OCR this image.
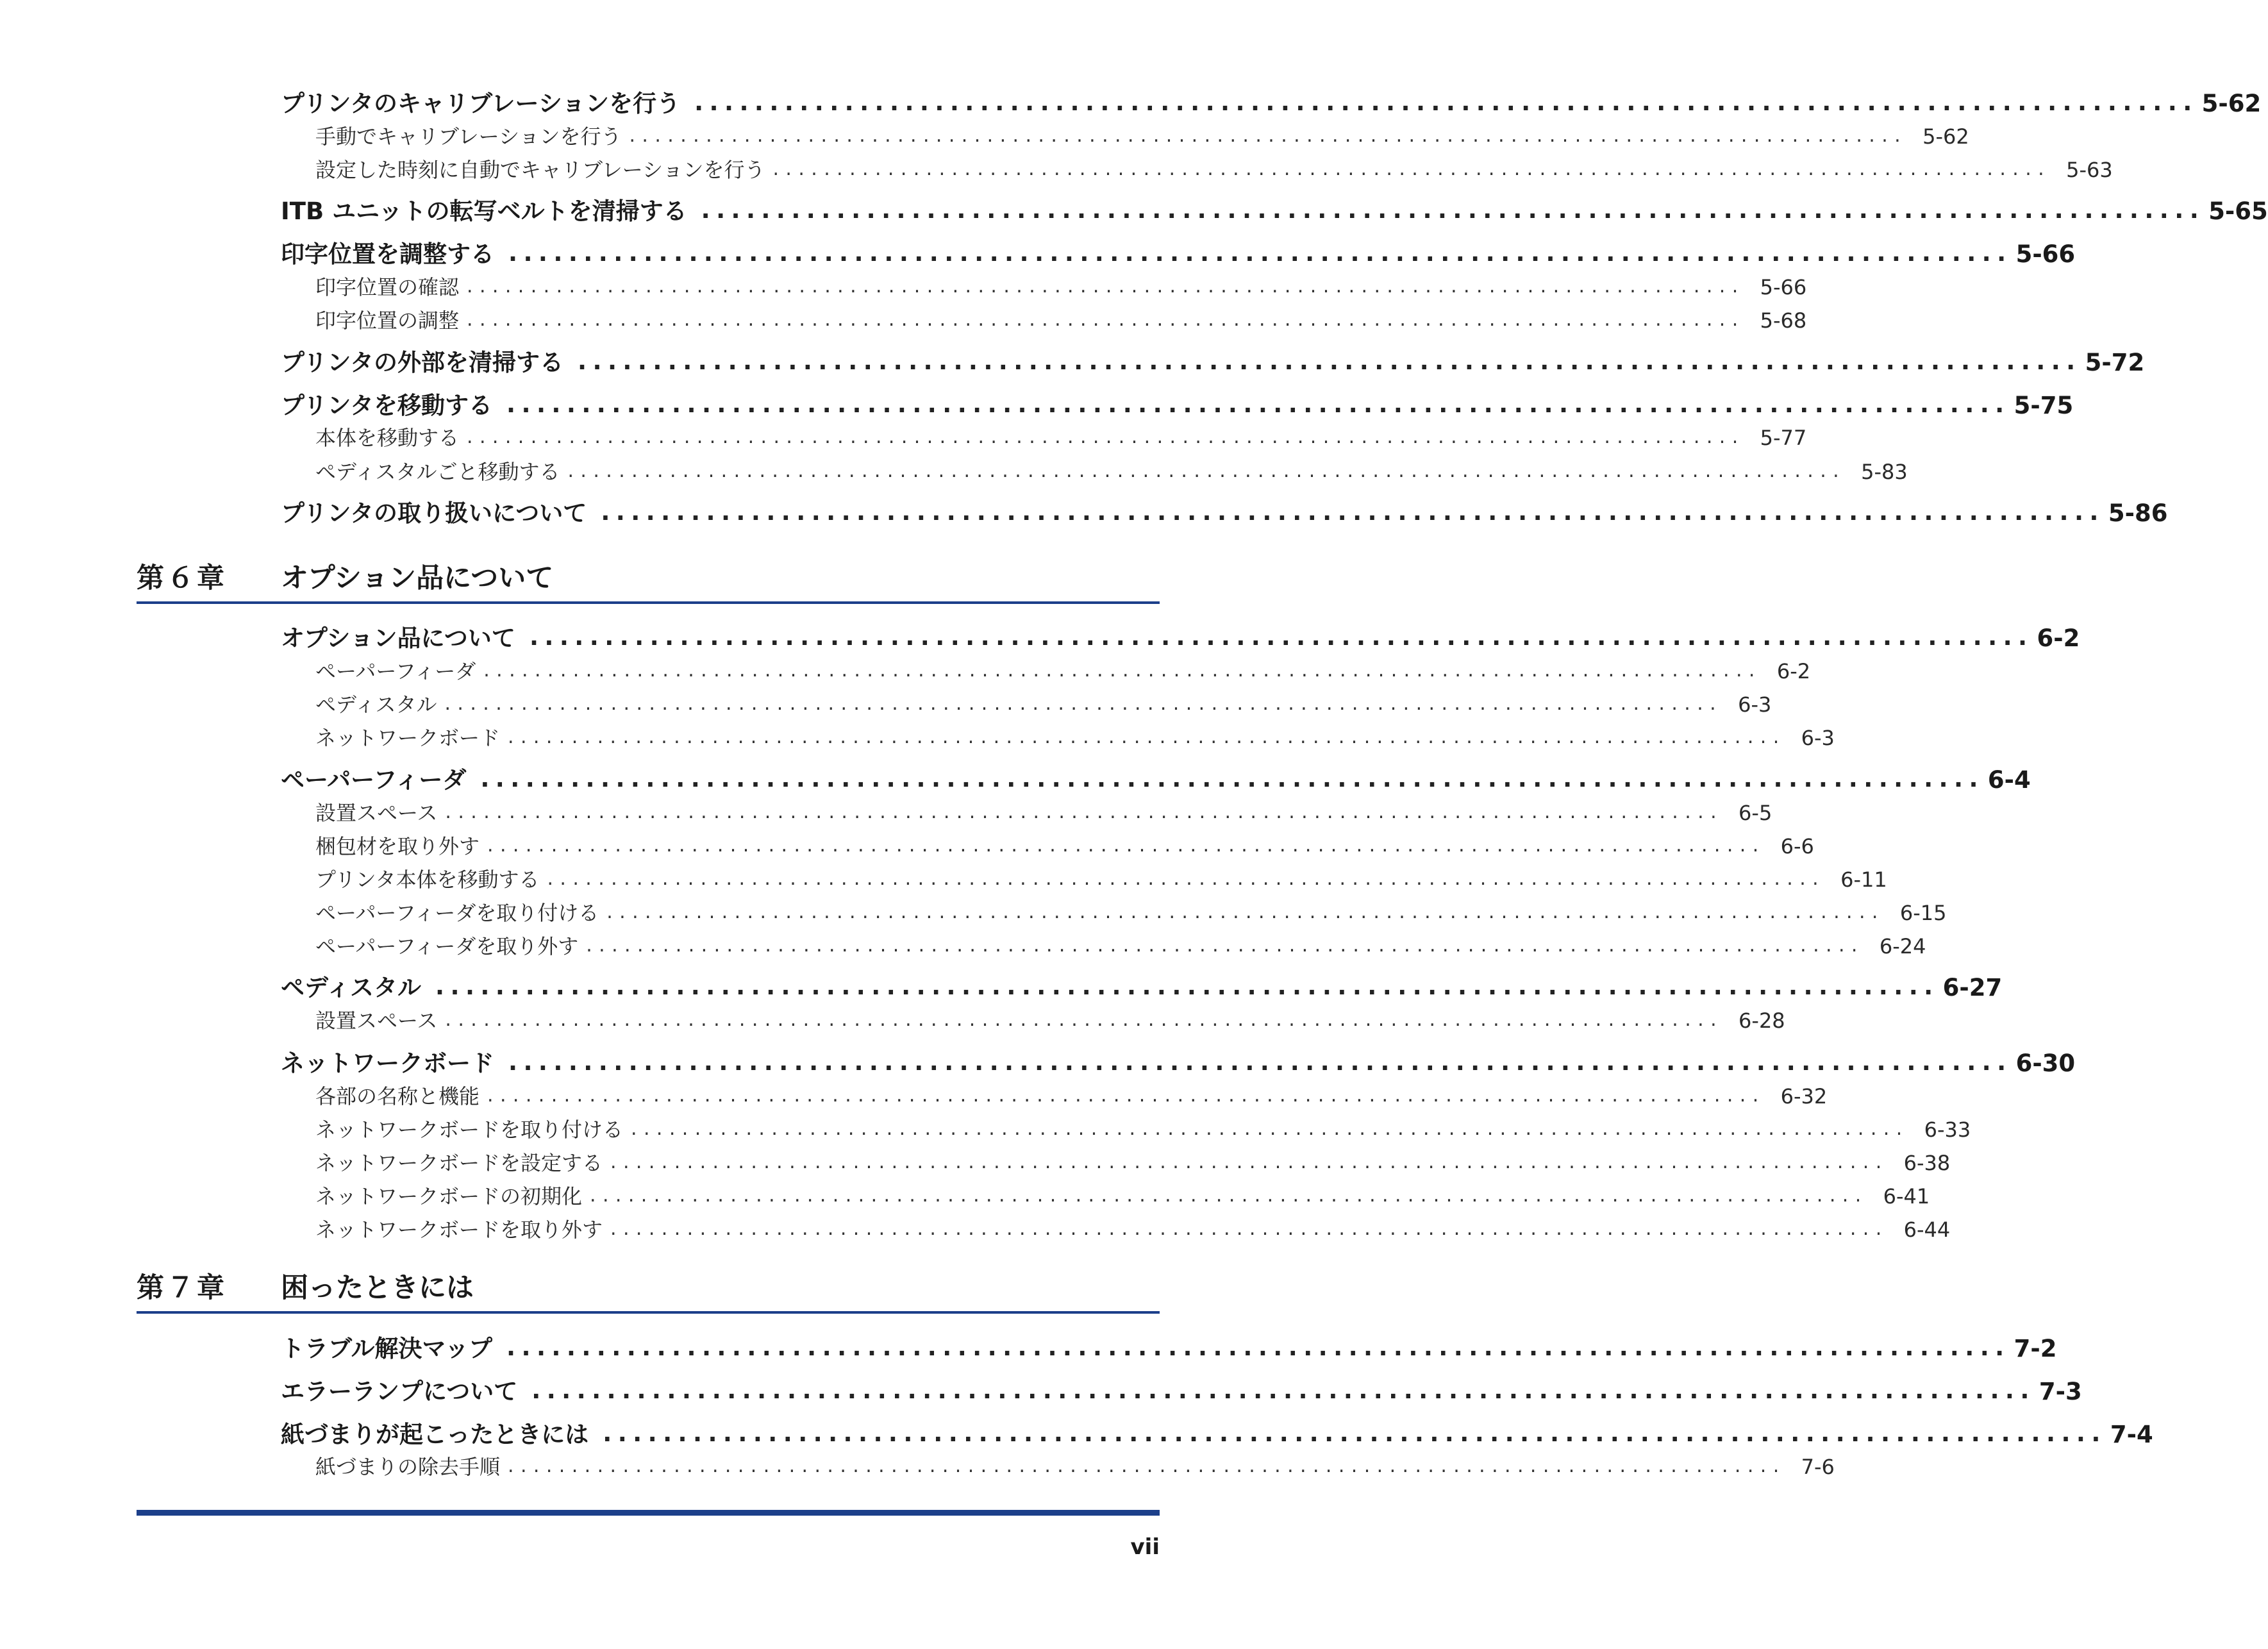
プリンタのキャリブレーションを行う .................................................................................................... 5-62
手動でキャリブレーションを行う .................................................................................................... 5-62
設定した時刻に自動でキャリブレーションを行う .................................................................................................... 5-63
ITB ユニットの転写ベルトを清掃する .................................................................................................... 5-65
印字位置を調整する .................................................................................................... 5-66
印字位置の確認 .................................................................................................... 5-66
印字位置の調整 .................................................................................................... 5-68
プリンタの外部を清掃する .................................................................................................... 5-72
プリンタを移動する .................................................................................................... 5-75
本体を移動する .................................................................................................... 5-77
ペディスタルごと移動する .................................................................................................... 5-83
プリンタの取り扱いについて .................................................................................................... 5-86
第６章 オプション品について
オプション品について .................................................................................................... 6-2
ペーパーフィーダ .................................................................................................... 6-2
ペディスタル .................................................................................................... 6-3
ネットワークボード .................................................................................................... 6-3
ペーパーフィーダ .................................................................................................... 6-4
設置スペース .................................................................................................... 6-5
梱包材を取り外す .................................................................................................... 6-6
プリンタ本体を移動する .................................................................................................... 6-11
ペーパーフィーダを取り付ける .................................................................................................... 6-15
ペーパーフィーダを取り外す .................................................................................................... 6-24
ペディスタル .................................................................................................... 6-27
設置スペース .................................................................................................... 6-28
ネットワークボード .................................................................................................... 6-30
各部の名称と機能 .................................................................................................... 6-32
ネットワークボードを取り付ける .................................................................................................... 6-33
ネットワークボードを設定する .................................................................................................... 6-38
ネットワークボードの初期化 .................................................................................................... 6-41
ネットワークボードを取り外す .................................................................................................... 6-44
第７章 困ったときには
トラブル解決マップ .................................................................................................... 7-2
エラーランプについて .................................................................................................... 7-3
紙づまりが起こったときには .................................................................................................... 7-4
紙づまりの除去手順 .................................................................................................... 7-6
vii
